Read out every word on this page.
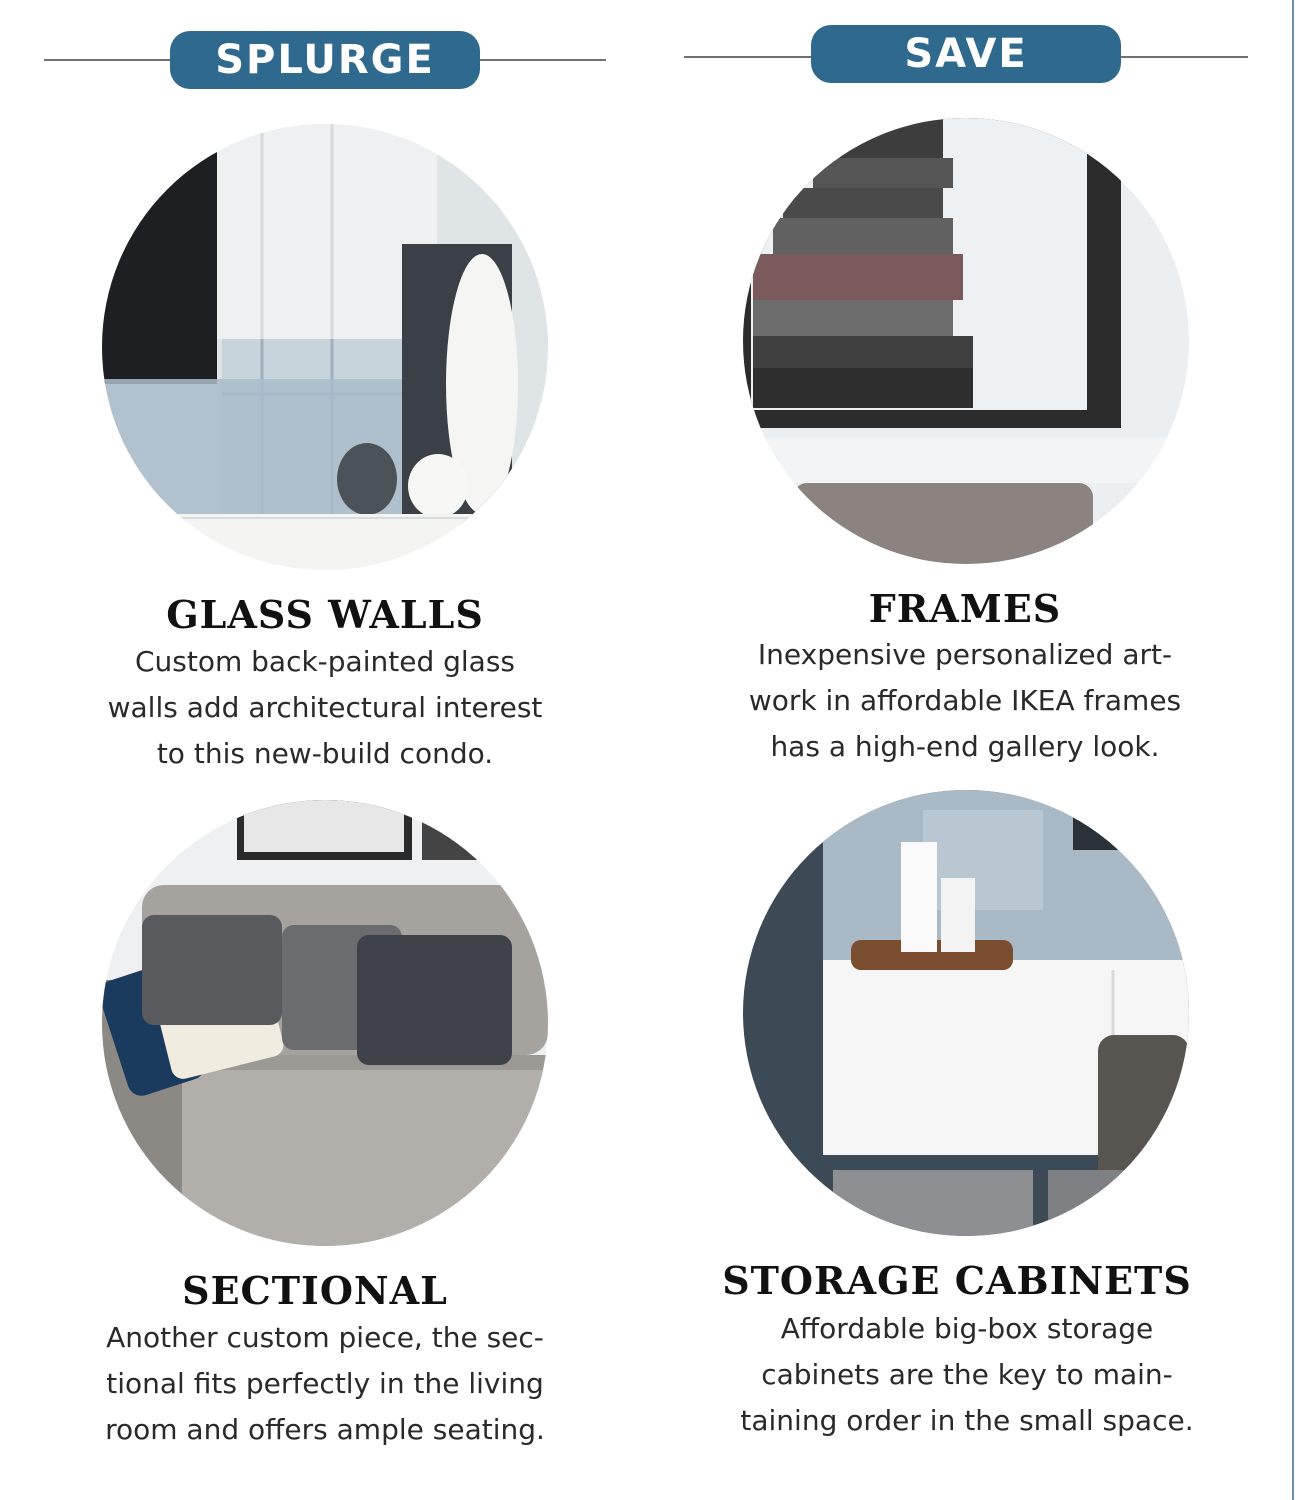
SPLURGE	SAVE
GLASS WALLS
Custom back-painted glass
walls add architectural interest
to this new-build condo.
FRAMES
Inexpensive personalized art-
work in affordable IKEA frames
has a high-end gallery look.
SECTIONAL
Another custom piece, the sec-
tional fits perfectly in the living
room and offers ample seating.
STORAGE CABINETS
Affordable big-box storage
cabinets are the key to main-
taining order in the small space.
